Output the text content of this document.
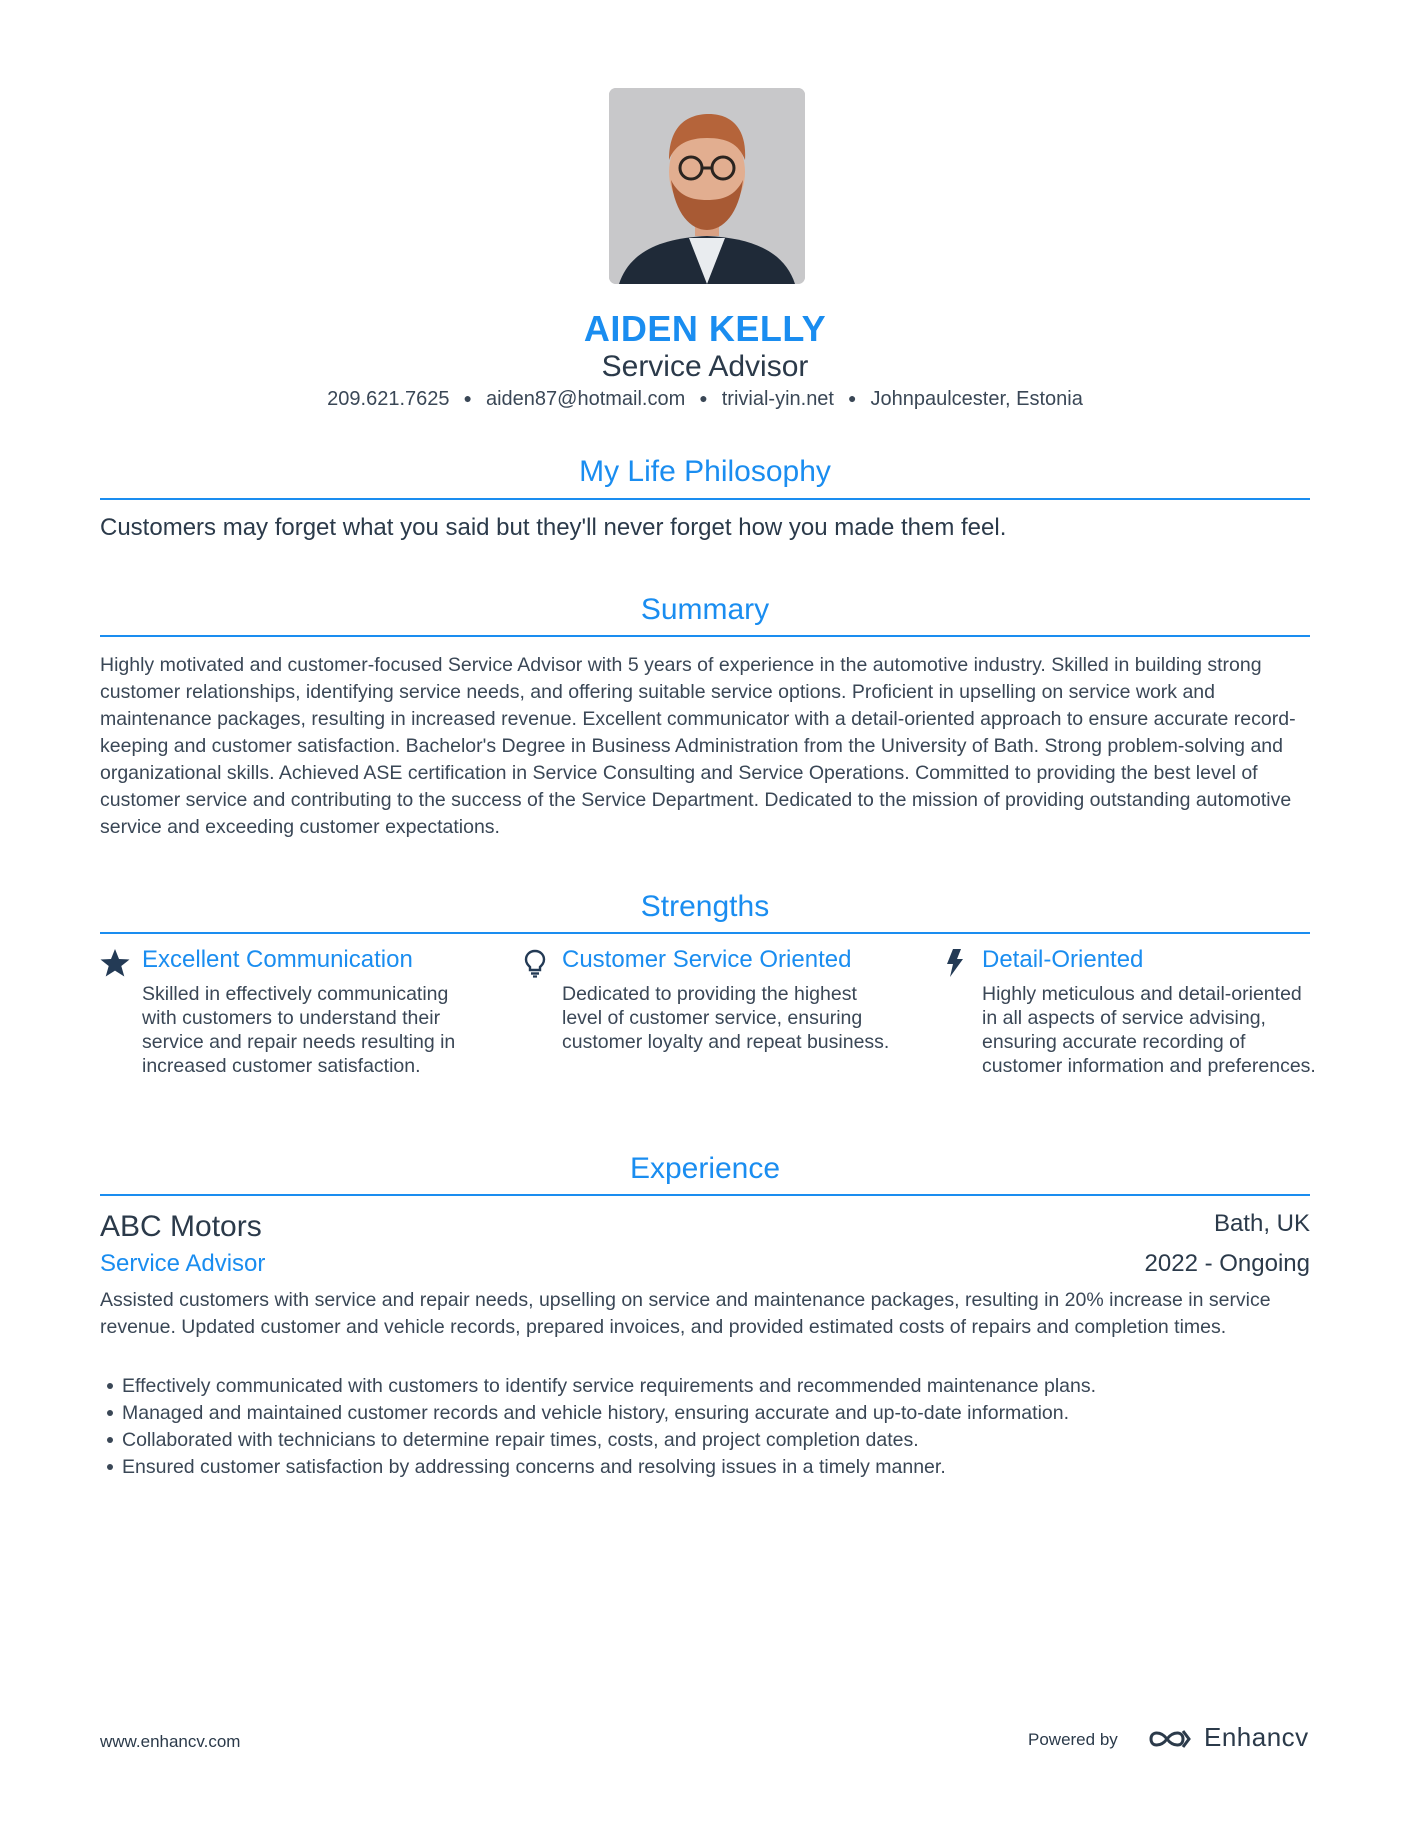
AIDEN KELLY
Service Advisor
209.621.7625 ● aiden87@hotmail.com ● trivial-yin.net ● Johnpaulcester, Estonia
My Life Philosophy
Customers may forget what you said but they'll never forget how you made them feel.
Summary
Highly motivated and customer-focused Service Advisor with 5 years of experience in the automotive industry. Skilled in building strong customer relationships, identifying service needs, and offering suitable service options. Proficient in upselling on service work and maintenance packages, resulting in increased revenue. Excellent communicator with a detail-oriented approach to ensure accurate record-keeping and customer satisfaction. Bachelor's Degree in Business Administration from the University of Bath. Strong problem-solving and organizational skills. Achieved ASE certification in Service Consulting and Service Operations. Committed to providing the best level of customer service and contributing to the success of the Service Department. Dedicated to the mission of providing outstanding automotive service and exceeding customer expectations.
Strengths
Excellent Communication
Skilled in effectively communicating with customers to understand their service and repair needs resulting in increased customer satisfaction.
Customer Service Oriented
Dedicated to providing the highest level of customer service, ensuring customer loyalty and repeat business.
Detail-Oriented
Highly meticulous and detail-oriented in all aspects of service advising, ensuring accurate recording of customer information and preferences.
Experience
ABC Motors	Bath, UK
Service Advisor	2022 - Ongoing
Assisted customers with service and repair needs, upselling on service and maintenance packages, resulting in 20% increase in service revenue. Updated customer and vehicle records, prepared invoices, and provided estimated costs of repairs and completion times.
Effectively communicated with customers to identify service requirements and recommended maintenance plans.
Managed and maintained customer records and vehicle history, ensuring accurate and up-to-date information.
Collaborated with technicians to determine repair times, costs, and project completion dates.
Ensured customer satisfaction by addressing concerns and resolving issues in a timely manner.
www.enhancv.com	Powered by	Enhancv
